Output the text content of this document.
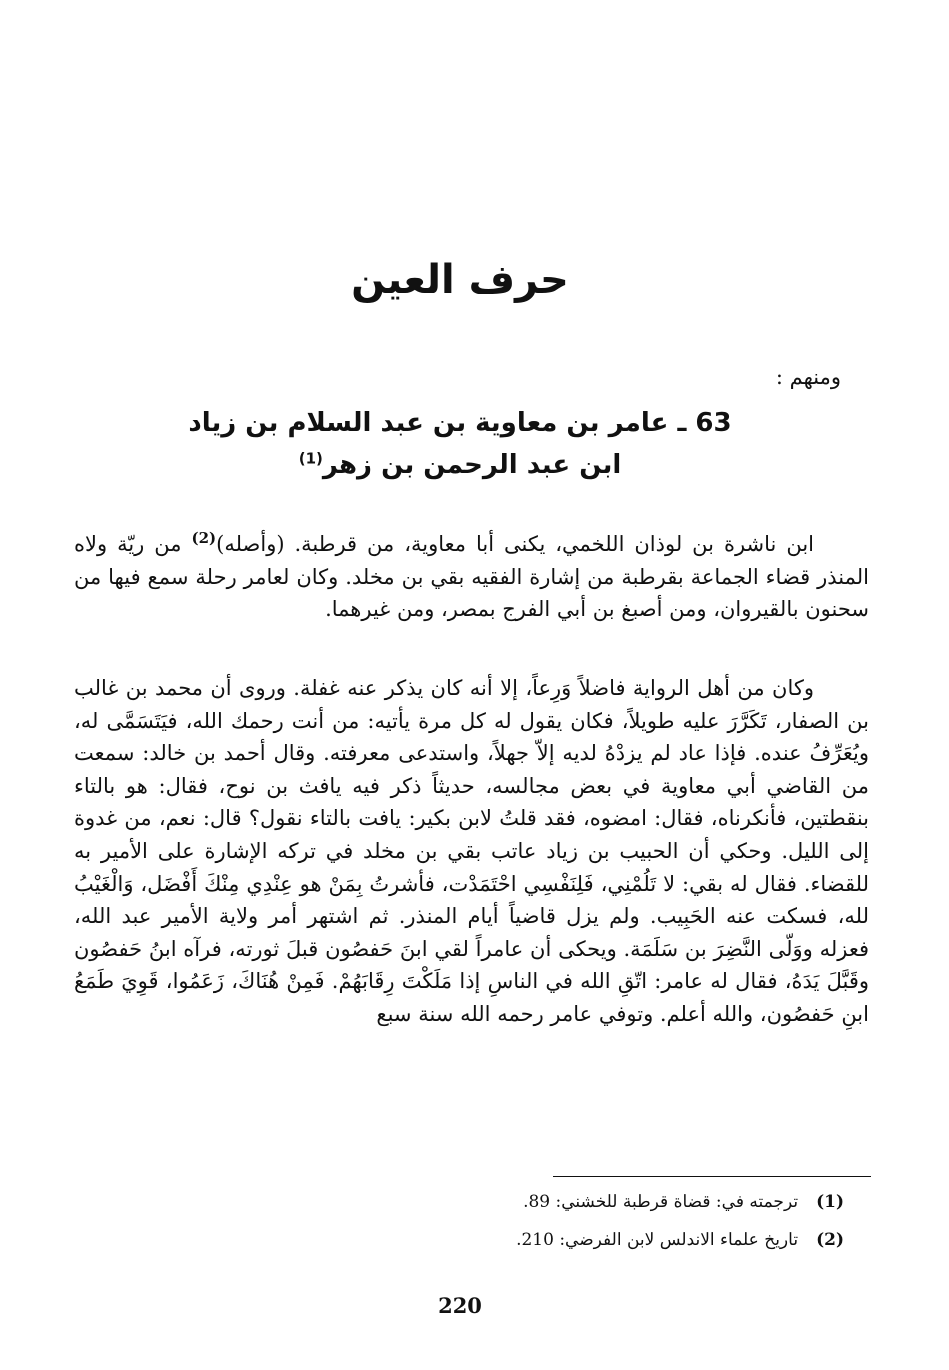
حرف العين
ومنهم :
63 ـ عامر بن معاوية بن عبد السلام بن زياد
ابن عبد الرحمن بن زهر$^{(1)}$

ابن ناشرة بن لوذان اللخمي، يكنى أبا معاوية، من قرطبة. (وأصله)$^{(2)}$ من ريّة ولاه المنذر قضاء الجماعة بقرطبة من إشارة الفقيه بقي بن مخلد. وكان لعامر رحلة سمع فيها من سحنون بالقيروان، ومن أصبغ بن أبي الفرج بمصر، ومن غيرهما.

وكان من أهل الرواية فاضلاً وَرِعاً، إلا أنه كان يذكر عنه غفلة. وروى أن محمد بن غالب بن الصفار، تَكَرَّرَ عليه طويلاً، فكان يقول له كل مرة يأتيه: من أنت رحمك الله، فيَتَسَمَّى له، ويُعَرِّفُ عنده. فإذا عاد لم يزدْهُ لديه إلاّ جهلاً، واستدعى معرفته. وقال أحمد بن خالد: سمعت من القاضي أبي معاوية في بعض مجالسه، حديثاً ذكر فيه يافث بن نوح، فقال: هو بالتاء بنقطتين، فأنكرناه، فقال: امضوه، فقد قلتُ لابن بكير: يافت بالتاء نقول؟ قال: نعم، من غدوة إلى الليل. وحكي أن الحبيب بن زياد عاتب بقي بن مخلد في تركه الإشارة على الأمير به للقضاء. فقال له بقي: لا تَلُمْنِي، فَلِنَفْسِي احْتَمَدْت، فأشرتُ بِمَنْ هو عِنْدِي مِنْكَ أَفْضَل، وَالْغَيْبُ لله، فسكت عنه الحَبِيب. ولم يزل قاضياً أيام المنذر. ثم اشتهر أمر ولاية الأمير عبد الله، فعزله ووَلّى النَّضِرَ بن سَلَمَة. ويحكى أن عامراً لقي ابنَ حَفصُون قبلَ ثورته، فرآه ابنُ حَفصُون وقَبَّلَ يَدَهُ، فقال له عامر: اتّقِ الله في الناسِ إذا مَلَكْتَ رِقَابَهُمْ. فَمِنْ هُنَاكَ، زَعَمُوا، قَوِيَ طَمَعُ ابنِ حَفصُون، والله أعلم. وتوفي عامر رحمه الله سنة سبع

(1)ترجمته في: قضاة قرطبة للخشني: 89.
(2)تاريخ علماء الاندلس لابن الفرضي: 210.
220
